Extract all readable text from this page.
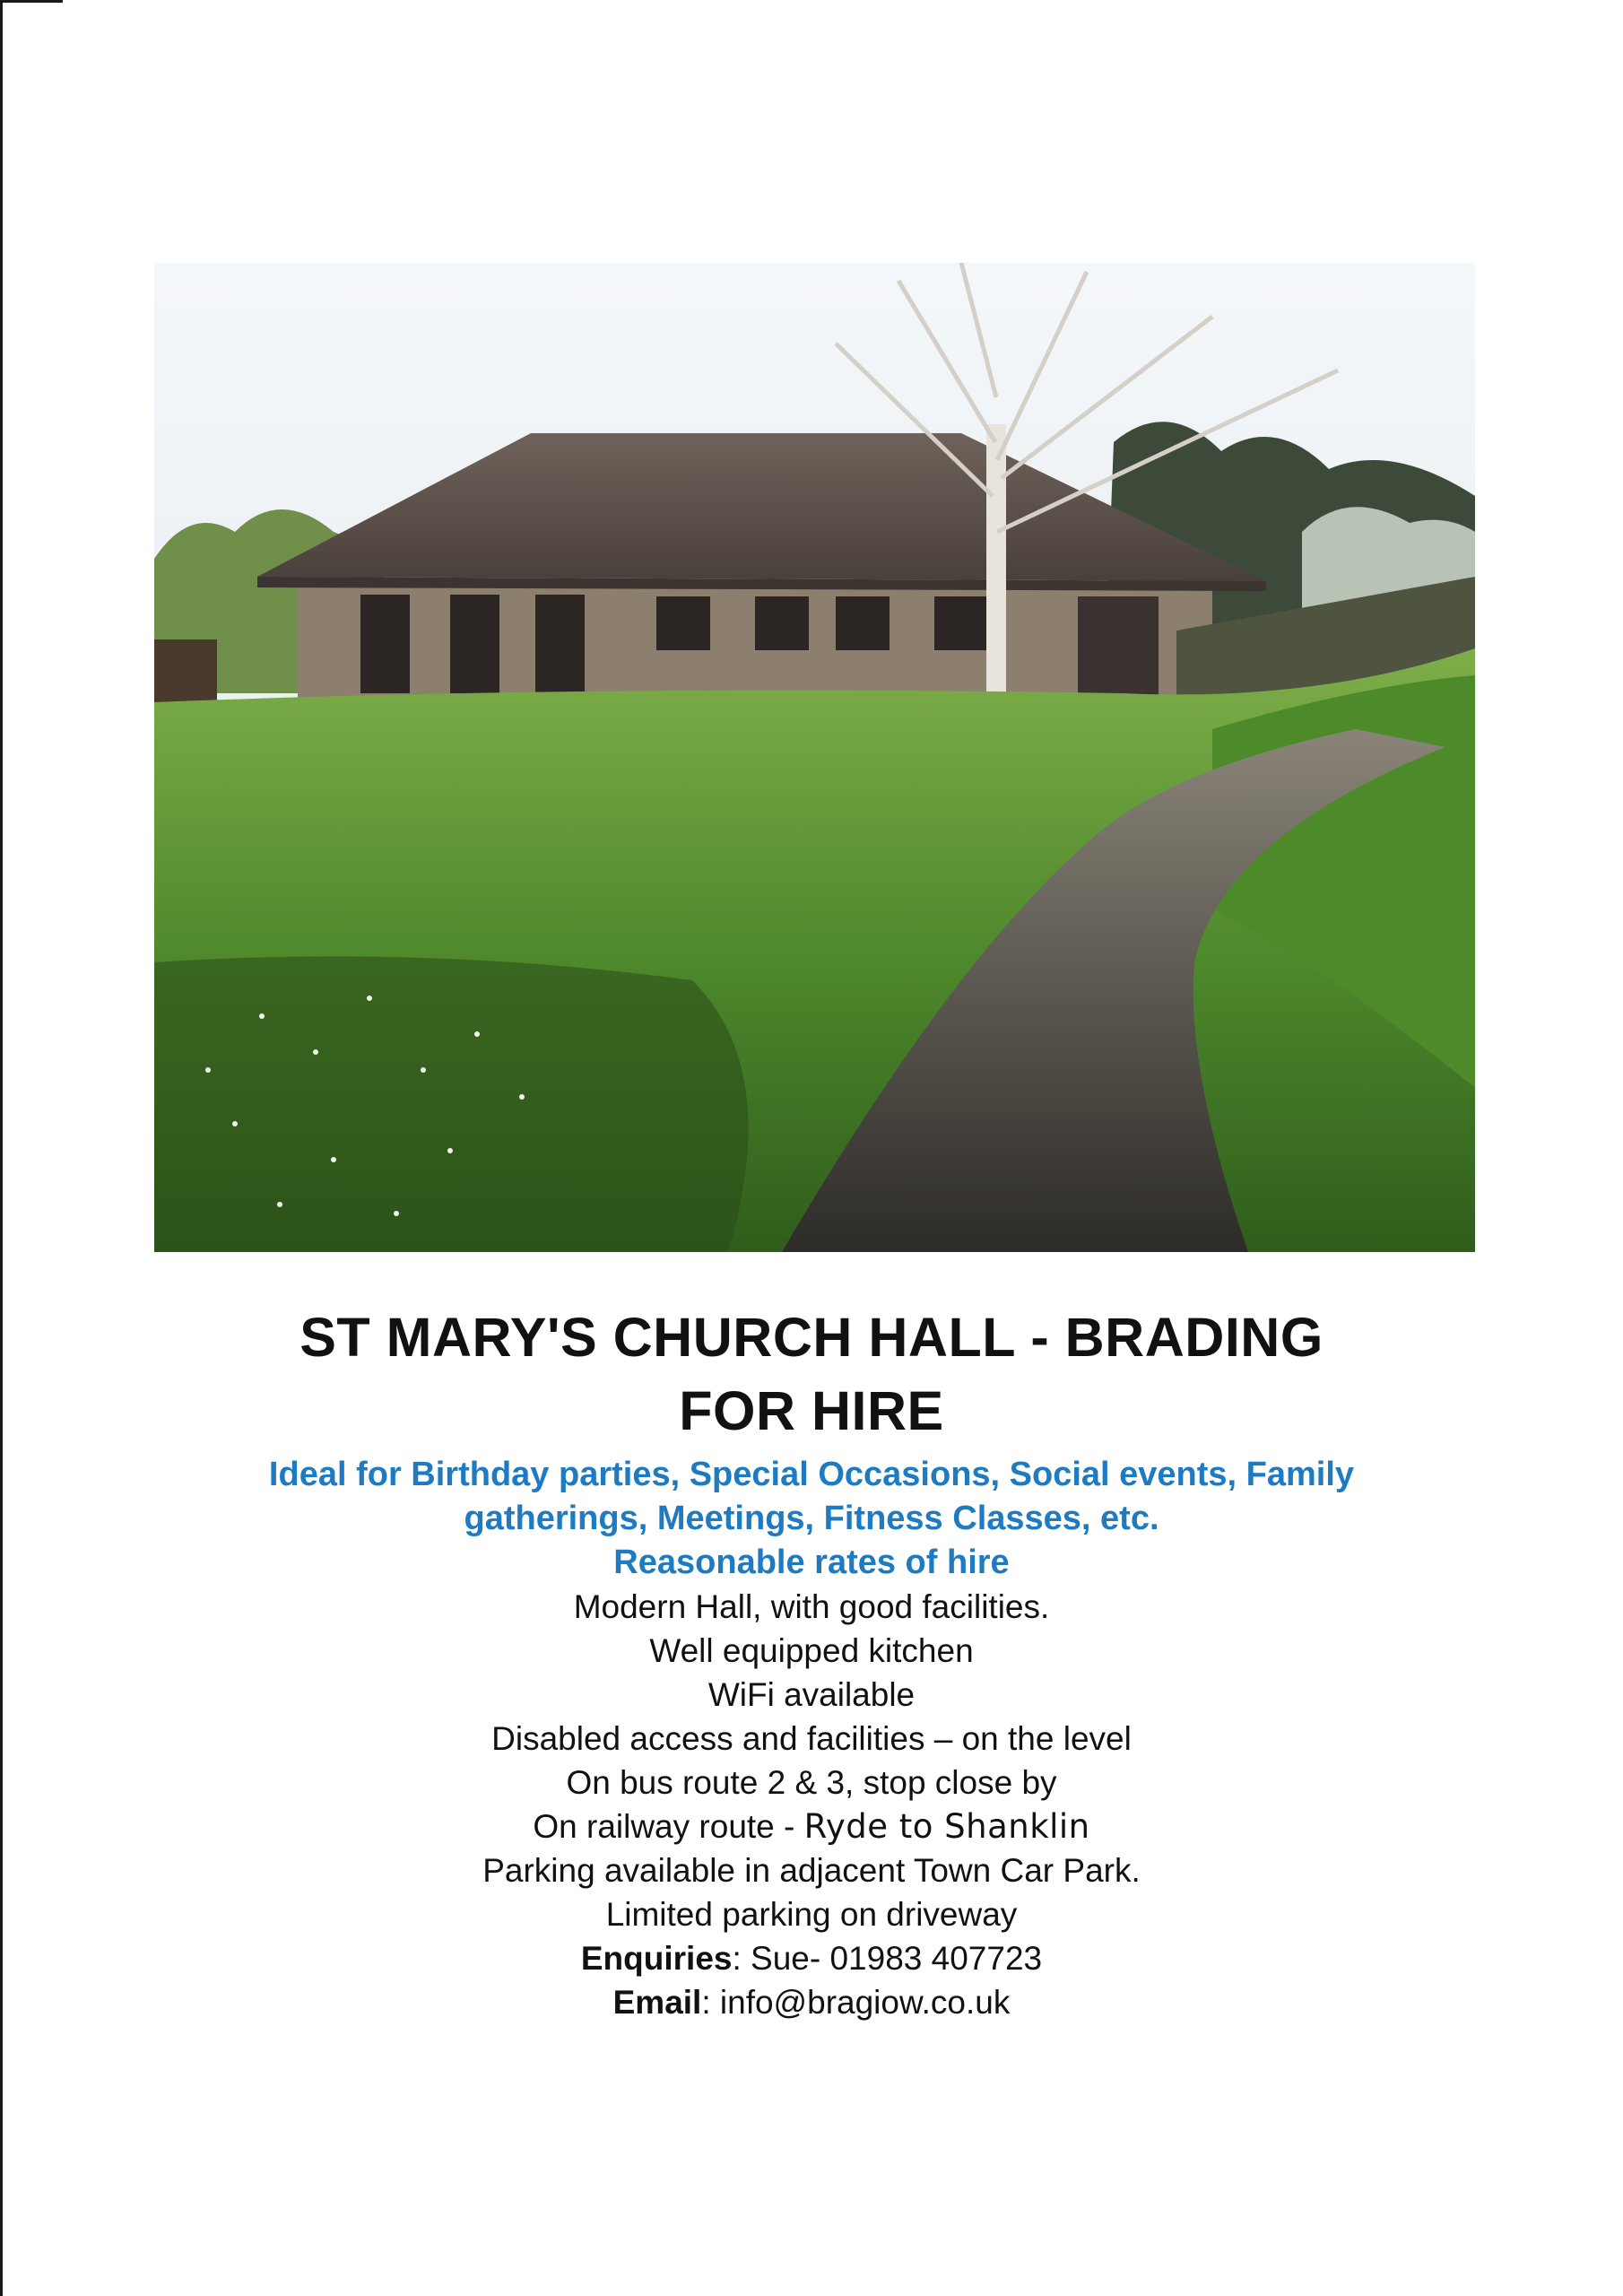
ST MARY'S CHURCH HALL - BRADING

FOR HIRE

Ideal for Birthday parties, Special Occasions, Social events, Family

gatherings, Meetings, Fitness Classes, etc.

Reasonable rates of hire

Modern Hall, with good facilities.

Well equipped kitchen

WiFi available

Disabled access and facilities – on the level

On bus route 2 & 3, stop close by

On railway route - Ryde to Shanklin

Parking available in adjacent Town Car Park.

Limited parking on driveway

Enquiries: Sue- 01983 407723

Email: info@bragiow.co.uk
